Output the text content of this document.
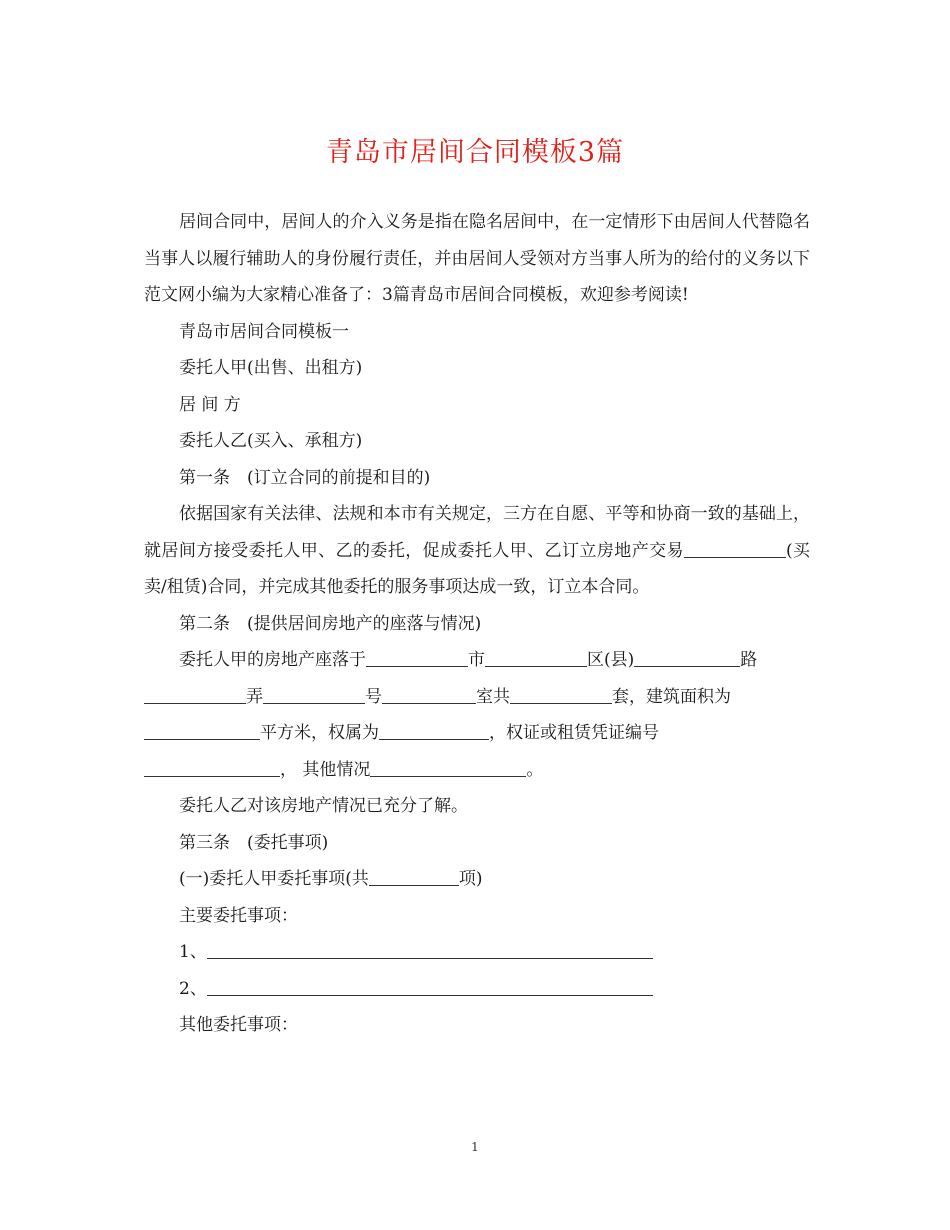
青岛市居间合同模板3篇

居间合同中，居间人的介入义务是指在隐名居间中，在一定情形下由居间人代替隐名当事人以履行辅助人的身份履行责任，并由居间人受领对方当事人所为的给付的义务以下范文网小编为大家精心准备了：3篇青岛市居间合同模板，欢迎参考阅读!

青岛市居间合同模板一

委托人甲(出售、出租方)

居 间 方

委托人乙(买入、承租方)

第一条　(订立合同的前提和目的)

依据国家有关法律、法规和本市有关规定，三方在自愿、平等和协商一致的基础上，就居间方接受委托人甲、乙的委托，促成委托人甲、乙订立房地产交易	(买卖/租赁)合同，并完成其他委托的服务事项达成一致，订立本合同。

第二条　(提供居间房地产的座落与情况)

委托人甲的房地产座落于	市	区(县)	路

弄	号	室共	套，建筑面积为

平方米，权属为	，权证或租赁凭证编号

， 其他情况	。

委托人乙对该房地产情况已充分了解。

第三条　(委托事项)

(一)委托人甲委托事项(共	项)

主要委托事项：

1、

2、

其他委托事项：

1
